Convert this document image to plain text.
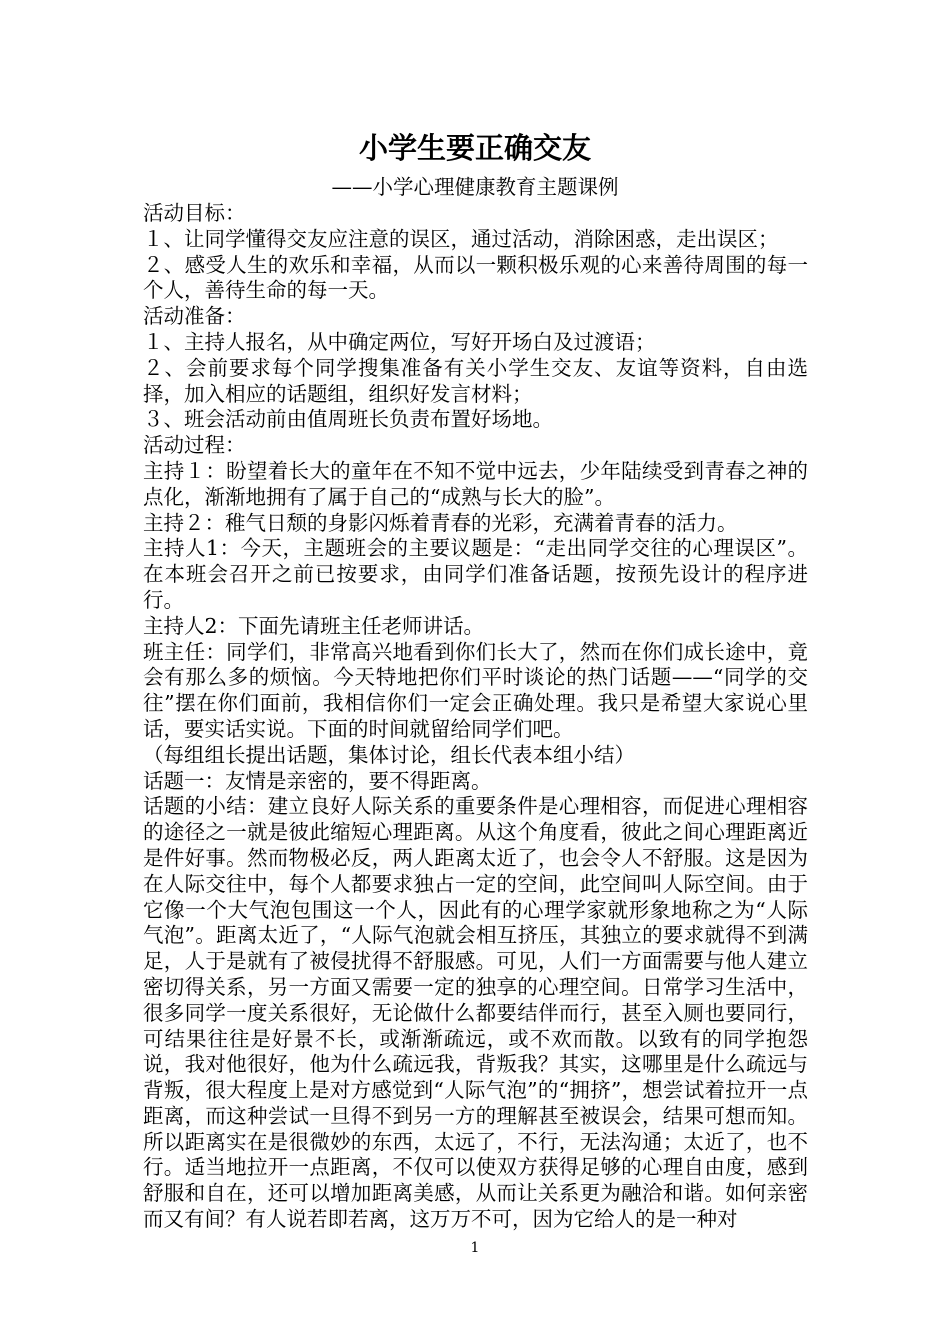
小学生要正确交友
——小学心理健康教育主题课例

活动目标：

１、让同学懂得交友应注意的误区，通过活动，消除困惑，走出误区；

２、感受人生的欢乐和幸福，从而以一颗积极乐观的心来善待周围的每一个人，善待生命的每一天。

活动准备：

１、主持人报名，从中确定两位，写好开场白及过渡语；

２、会前要求每个同学搜集准备有关小学生交友、友谊等资料，自由选择，加入相应的话题组，组织好发言材料；

３、班会活动前由值周班长负责布置好场地。

活动过程：

主持１：盼望着长大的童年在不知不觉中远去，少年陆续受到青春之神的点化，渐渐地拥有了属于自己的“成熟与长大的脸”。

主持２：稚气日颓的身影闪烁着青春的光彩，充满着青春的活力。

主持人1：今天，主题班会的主要议题是：“走出同学交往的心理误区”。在本班会召开之前已按要求，由同学们准备话题，按预先设计的程序进行。

主持人2：下面先请班主任老师讲话。

班主任：同学们，非常高兴地看到你们长大了，然而在你们成长途中，竟会有那么多的烦恼。今天特地把你们平时谈论的热门话题——“同学的交往”摆在你们面前，我相信你们一定会正确处理。我只是希望大家说心里话，要实话实说。下面的时间就留给同学们吧。

（每组组长提出话题，集体讨论，组长代表本组小结）

话题一：友情是亲密的，要不得距离。

话题的小结：建立良好人际关系的重要条件是心理相容，而促进心理相容的途径之一就是彼此缩短心理距离。从这个角度看，彼此之间心理距离近是件好事。然而物极必反，两人距离太近了，也会令人不舒服。这是因为在人际交往中，每个人都要求独占一定的空间，此空间叫人际空间。由于它像一个大气泡包围这一个人，因此有的心理学家就形象地称之为“人际气泡”。距离太近了，“人际气泡就会相互挤压，其独立的要求就得不到满足，人于是就有了被侵扰得不舒服感。可见，人们一方面需要与他人建立密切得关系，另一方面又需要一定的独享的心理空间。日常学习生活中，很多同学一度关系很好，无论做什么都要结伴而行，甚至入厕也要同行，可结果往往是好景不长，或渐渐疏远，或不欢而散。以致有的同学抱怨说，我对他很好，他为什么疏远我，背叛我？其实，这哪里是什么疏远与背叛，很大程度上是对方感觉到“人际气泡”的“拥挤”，想尝试着拉开一点距离，而这种尝试一旦得不到另一方的理解甚至被误会，结果可想而知。所以距离实在是很微妙的东西，太远了，不行，无法沟通；太近了，也不行。适当地拉开一点距离，不仅可以使双方获得足够的心理自由度，感到舒服和自在，还可以增加距离美感，从而让关系更为融洽和谐。如何亲密而又有间？有人说若即若离，这万万不可，因为它给人的是一种对

1
